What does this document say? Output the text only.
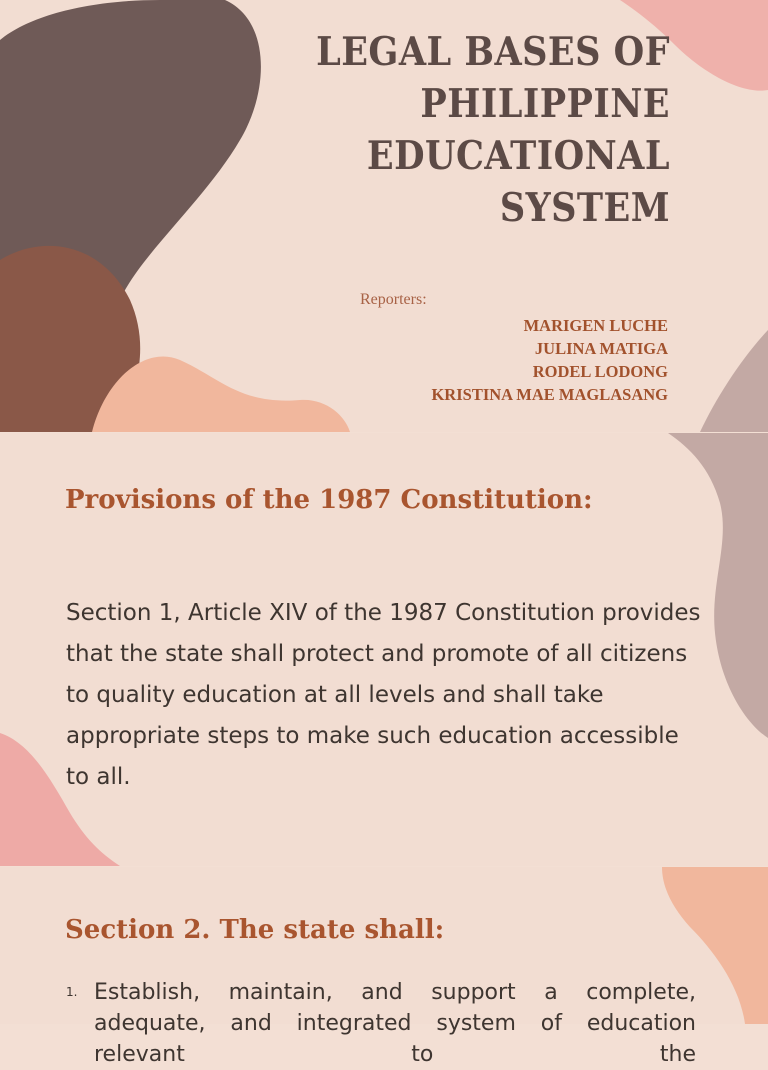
LEGAL BASES OF
PHILIPPINE
EDUCATIONAL
SYSTEM
Reporters:
MARIGEN LUCHE
JULINA MATIGA
RODEL LODONG
KRISTINA MAE MAGLASANG
Provisions of the 1987 Constitution:

Section 1, Article XIV of the 1987 Constitution provides that the state shall protect and promote of all citizens to quality education at all levels and shall take appropriate steps to make such education accessible to all.

Section 2. The state shall:
1. Establish, maintain, and support a complete, adequate, and integrated system of education relevant to the
